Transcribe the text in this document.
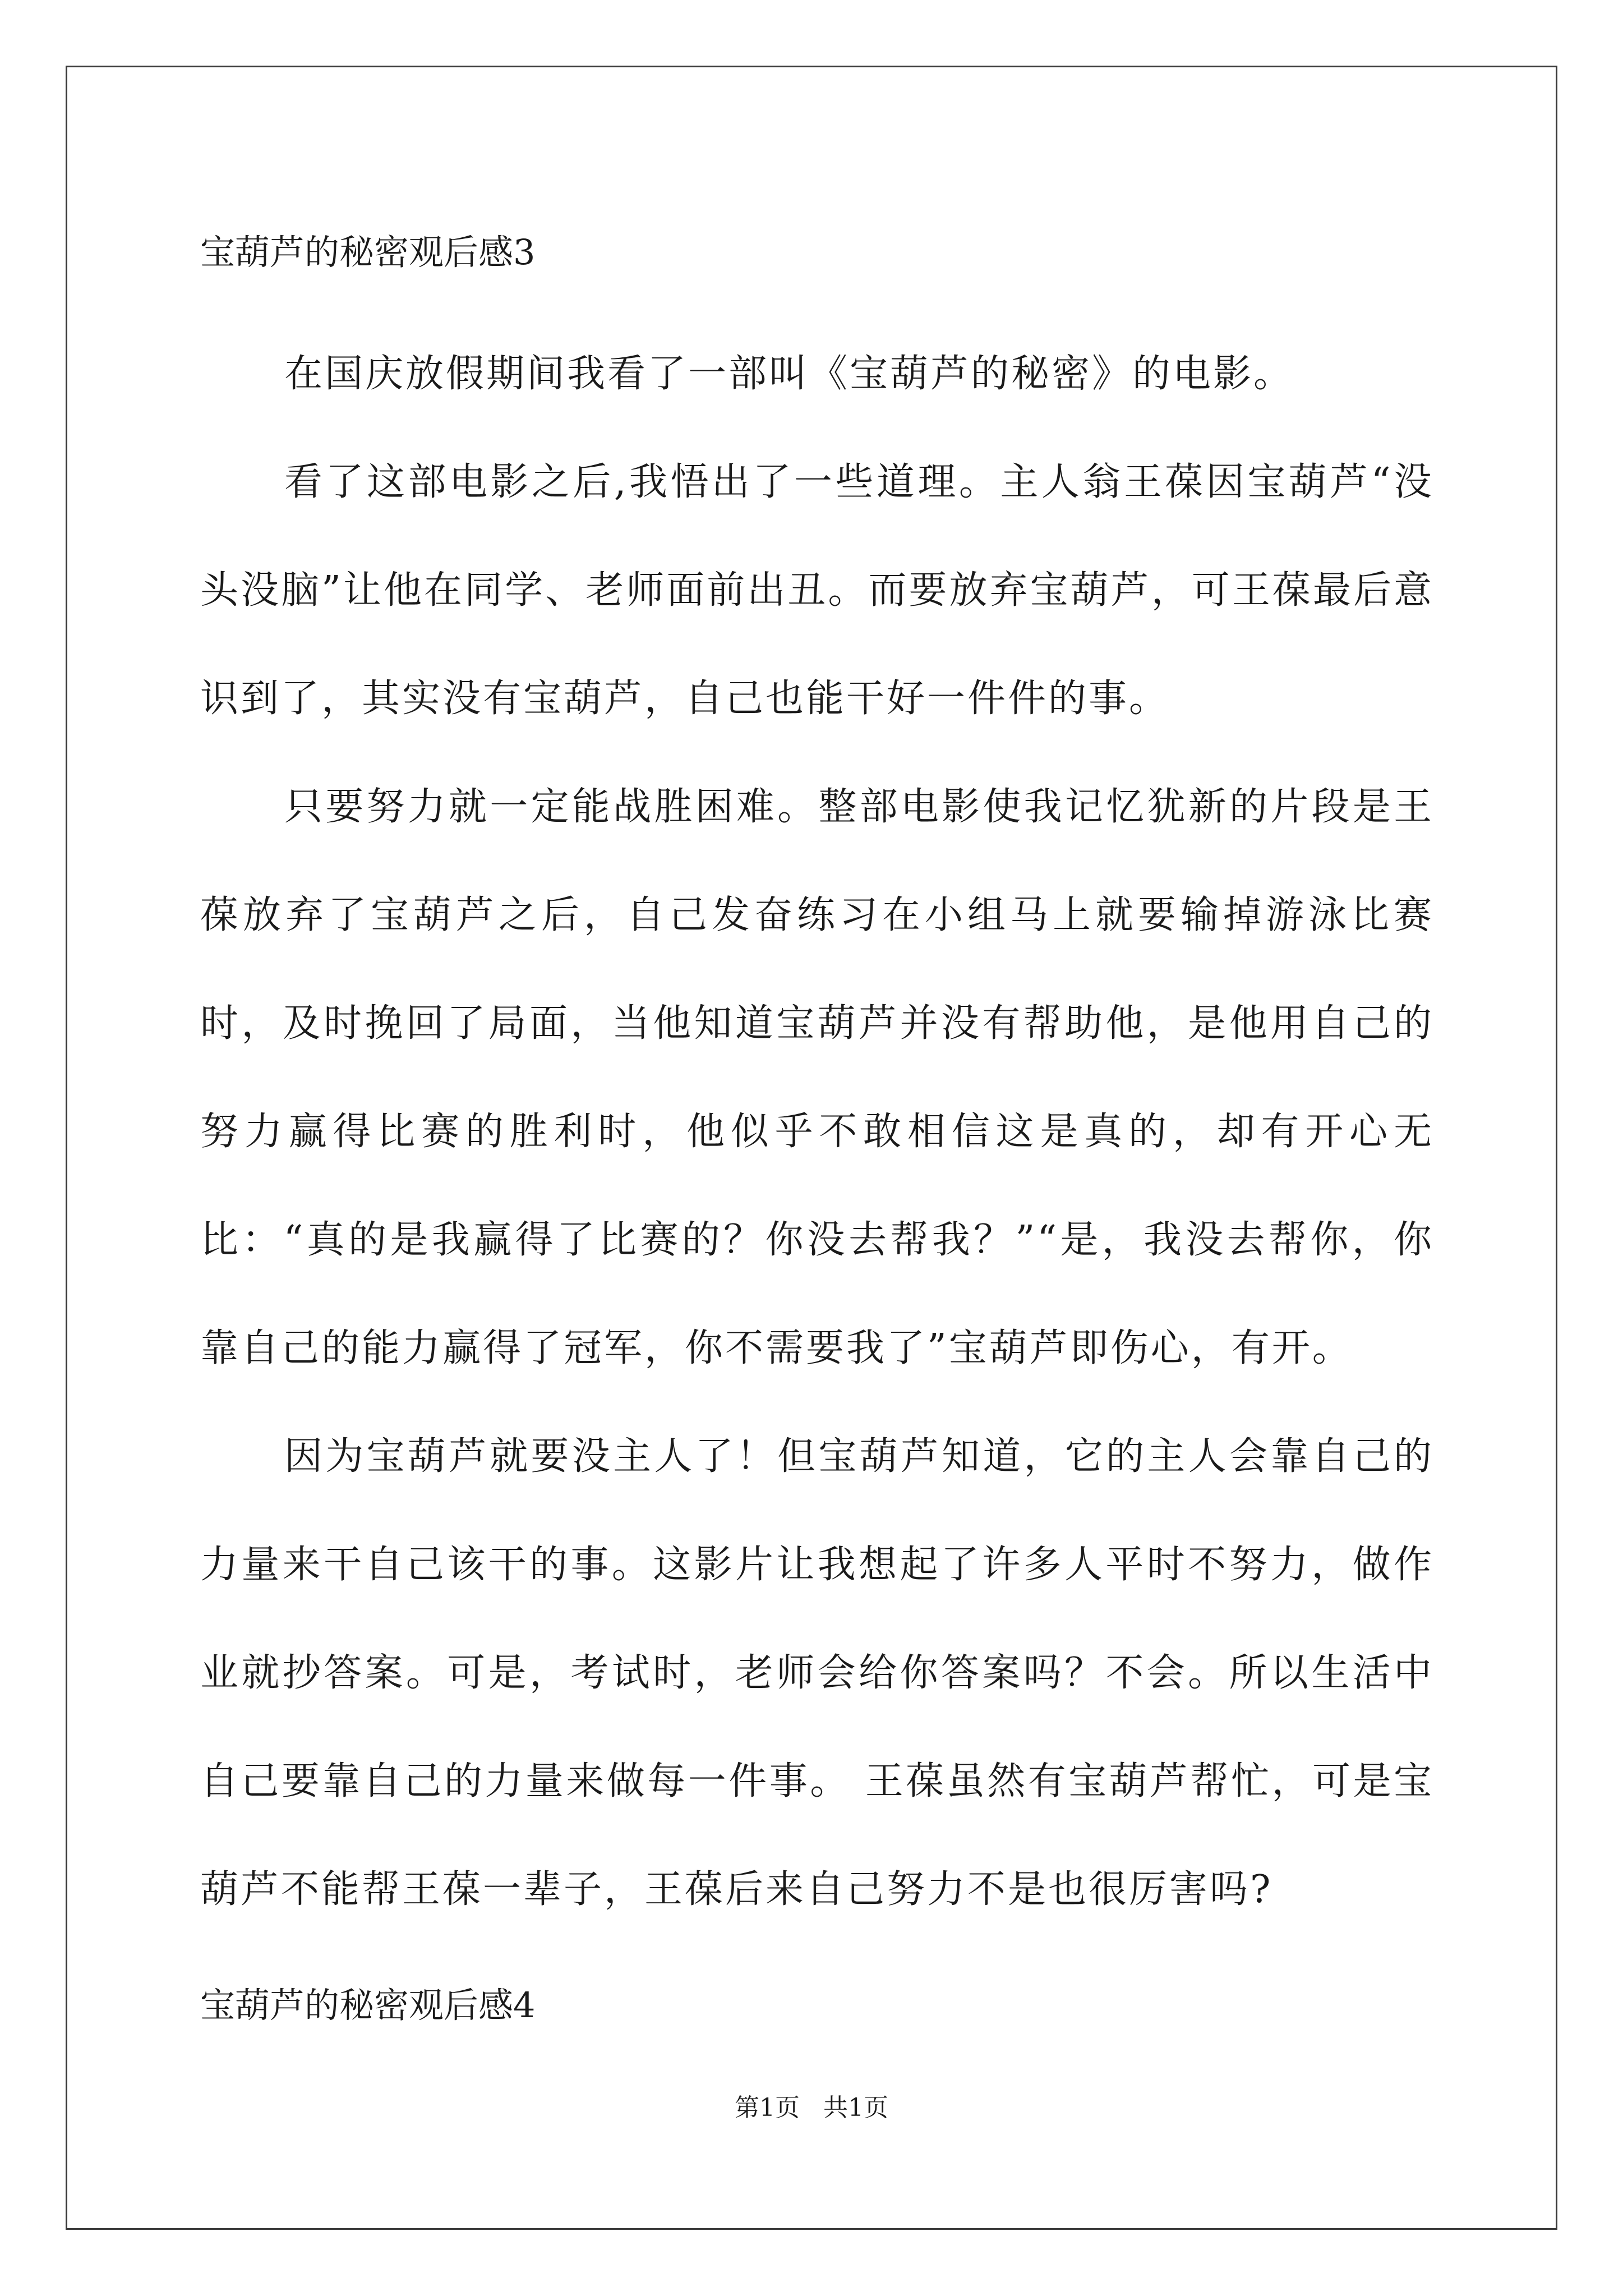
宝葫芦的秘密观后感3

在国庆放假期间我看了一部叫《宝葫芦的秘密》的电影。

看了这部电影之后,我悟出了一些道理。主人翁王葆因宝葫芦“没头没脑”让他在同学、老师面前出丑。而要放弃宝葫芦，可王葆最后意识到了，其实没有宝葫芦，自己也能干好一件件的事。

只要努力就一定能战胜困难。整部电影使我记忆犹新的片段是王葆放弃了宝葫芦之后，自己发奋练习在小组马上就要输掉游泳比赛时，及时挽回了局面，当他知道宝葫芦并没有帮助他，是他用自己的努力赢得比赛的胜利时，他似乎不敢相信这是真的，却有开心无比：“真的是我赢得了比赛的？你没去帮我？”“是，我没去帮你，你靠自己的能力赢得了冠军，你不需要我了”宝葫芦即伤心，有开。

因为宝葫芦就要没主人了！但宝葫芦知道，它的主人会靠自己的力量来干自己该干的事。这影片让我想起了许多人平时不努力，做作业就抄答案。可是，考试时，老师会给你答案吗？不会。所以生活中自己要靠自己的力量来做每一件事。 王葆虽然有宝葫芦帮忙，可是宝葫芦不能帮王葆一辈子，王葆后来自己努力不是也很厉害吗?

宝葫芦的秘密观后感4

第1页   共1页
